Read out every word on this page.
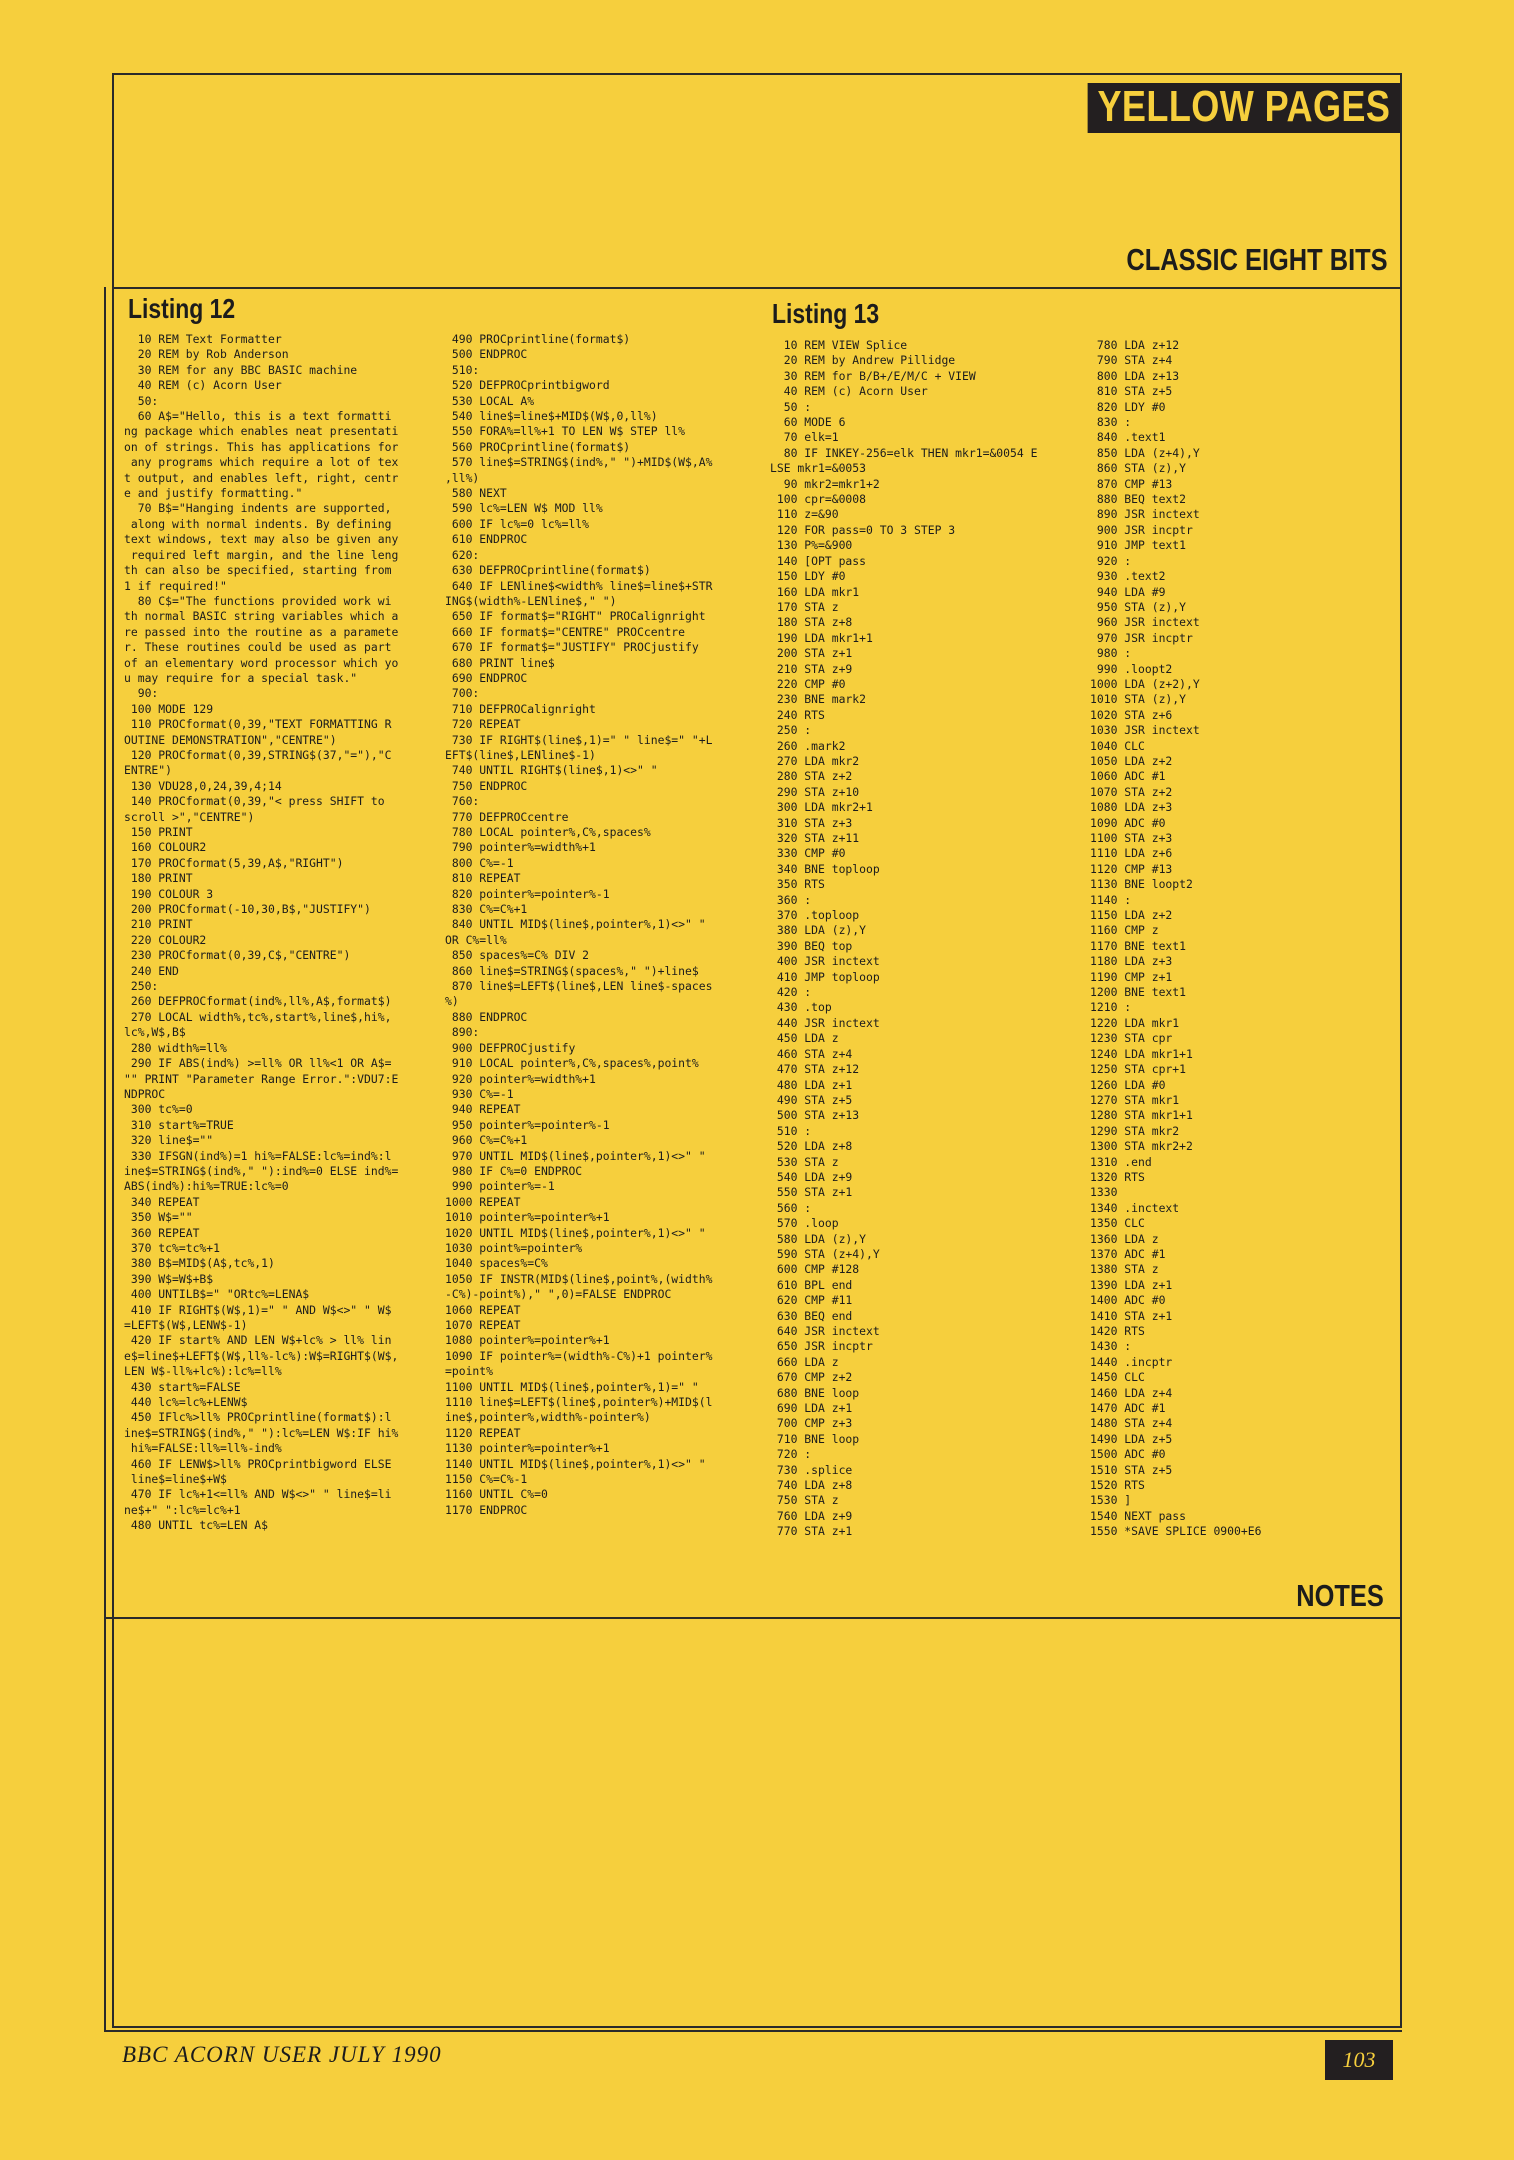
YELLOW PAGES
CLASSIC EIGHT BITS
Listing 12
10 REM Text Formatter
20 REM by Rob Anderson
30 REM for any BBC BASIC machine
40 REM (c) Acorn User
50:
60 A$="Hello, this is a text formatti
ng package which enables neat presentati
on of strings. This has applications for
any programs which require a lot of tex
t output, and enables left, right, centr
e and justify formatting."
70 B$="Hanging indents are supported,
along with normal indents. By defining
text windows, text may also be given any
required left margin, and the line leng
th can also be specified, starting from
1 if required!"
80 C$="The functions provided work wi
th normal BASIC string variables which a
re passed into the routine as a paramete
r. These routines could be used as part
of an elementary word processor which yo
u may require for a special task."
90:
100 MODE 129
110 PROCformat(0,39,"TEXT FORMATTING R
OUTINE DEMONSTRATION","CENTRE")
120 PROCformat(0,39,STRING$(37,"="),"C
ENTRE")
130 VDU28,0,24,39,4;14
140 PROCformat(0,39,"< press SHIFT to
scroll >","CENTRE")
150 PRINT
160 COLOUR2
170 PROCformat(5,39,A$,"RIGHT")
180 PRINT
190 COLOUR 3
200 PROCformat(-10,30,B$,"JUSTIFY")
210 PRINT
220 COLOUR2
230 PROCformat(0,39,C$,"CENTRE")
240 END
250:
260 DEFPROCformat(ind%,ll%,A$,format$)
270 LOCAL width%,tc%,start%,line$,hi%,
lc%,W$,B$
280 width%=ll%
290 IF ABS(ind%) >=ll% OR ll%<1 OR A$=
"" PRINT "Parameter Range Error.":VDU7:E
NDPROC
300 tc%=0
310 start%=TRUE
320 line$=""
330 IFSGN(ind%)=1 hi%=FALSE:lc%=ind%:l
ine$=STRING$(ind%," "):ind%=0 ELSE ind%=
ABS(ind%):hi%=TRUE:lc%=0
340 REPEAT
350 W$=""
360 REPEAT
370 tc%=tc%+1
380 B$=MID$(A$,tc%,1)
390 W$=W$+B$
400 UNTILB$=" "ORtc%=LENA$
410 IF RIGHT$(W$,1)=" " AND W$<>" " W$
=LEFT$(W$,LENW$-1)
420 IF start% AND LEN W$+lc% > ll% lin
e$=line$+LEFT$(W$,ll%-lc%):W$=RIGHT$(W$,
LEN W$-ll%+lc%):lc%=ll%
430 start%=FALSE
440 lc%=lc%+LENW$
450 IFlc%>ll% PROCprintline(format$):l
ine$=STRING$(ind%," "):lc%=LEN W$:IF hi%
hi%=FALSE:ll%=ll%-ind%
460 IF LENW$>ll% PROCprintbigword ELSE
line$=line$+W$
470 IF lc%+1<=ll% AND W$<>" " line$=li
ne$+" ":lc%=lc%+1
480 UNTIL tc%=LEN A$
490 PROCprintline(format$)
500 ENDPROC
510:
520 DEFPROCprintbigword
530 LOCAL A%
540 line$=line$+MID$(W$,0,ll%)
550 FORA%=ll%+1 TO LEN W$ STEP ll%
560 PROCprintline(format$)
570 line$=STRING$(ind%," ")+MID$(W$,A%
,ll%)
580 NEXT
590 lc%=LEN W$ MOD ll%
600 IF lc%=0 lc%=ll%
610 ENDPROC
620:
630 DEFPROCprintline(format$)
640 IF LENline$<width% line$=line$+STR
ING$(width%-LENline$," ")
650 IF format$="RIGHT" PROCalignright
660 IF format$="CENTRE" PROCcentre
670 IF format$="JUSTIFY" PROCjustify
680 PRINT line$
690 ENDPROC
700:
710 DEFPROCalignright
720 REPEAT
730 IF RIGHT$(line$,1)=" " line$=" "+L
EFT$(line$,LENline$-1)
740 UNTIL RIGHT$(line$,1)<>" "
750 ENDPROC
760:
770 DEFPROCcentre
780 LOCAL pointer%,C%,spaces%
790 pointer%=width%+1
800 C%=-1
810 REPEAT
820 pointer%=pointer%-1
830 C%=C%+1
840 UNTIL MID$(line$,pointer%,1)<>" "
OR C%=ll%
850 spaces%=C% DIV 2
860 line$=STRING$(spaces%," ")+line$
870 line$=LEFT$(line$,LEN line$-spaces
%)
880 ENDPROC
890:
900 DEFPROCjustify
910 LOCAL pointer%,C%,spaces%,point%
920 pointer%=width%+1
930 C%=-1
940 REPEAT
950 pointer%=pointer%-1
960 C%=C%+1
970 UNTIL MID$(line$,pointer%,1)<>" "
980 IF C%=0 ENDPROC
990 pointer%=-1
1000 REPEAT
1010 pointer%=pointer%+1
1020 UNTIL MID$(line$,pointer%,1)<>" "
1030 point%=pointer%
1040 spaces%=C%
1050 IF INSTR(MID$(line$,point%,(width%
-C%)-point%)," ",0)=FALSE ENDPROC
1060 REPEAT
1070 REPEAT
1080 pointer%=pointer%+1
1090 IF pointer%=(width%-C%)+1 pointer%
=point%
1100 UNTIL MID$(line$,pointer%,1)=" "
1110 line$=LEFT$(line$,pointer%)+MID$(l
ine$,pointer%,width%-pointer%)
1120 REPEAT
1130 pointer%=pointer%+1
1140 UNTIL MID$(line$,pointer%,1)<>" "
1150 C%=C%-1
1160 UNTIL C%=0
1170 ENDPROC
Listing 13
10 REM VIEW Splice
20 REM by Andrew Pillidge
30 REM for B/B+/E/M/C + VIEW
40 REM (c) Acorn User
50 :
60 MODE 6
70 elk=1
80 IF INKEY-256=elk THEN mkr1=&0054 E
LSE mkr1=&0053
90 mkr2=mkr1+2
100 cpr=&0008
110 z=&90
120 FOR pass=0 TO 3 STEP 3
130 P%=&900
140 [OPT pass
150 LDY #0
160 LDA mkr1
170 STA z
180 STA z+8
190 LDA mkr1+1
200 STA z+1
210 STA z+9
220 CMP #0
230 BNE mark2
240 RTS
250 :
260 .mark2
270 LDA mkr2
280 STA z+2
290 STA z+10
300 LDA mkr2+1
310 STA z+3
320 STA z+11
330 CMP #0
340 BNE toploop
350 RTS
360 :
370 .toploop
380 LDA (z),Y
390 BEQ top
400 JSR inctext
410 JMP toploop
420 :
430 .top
440 JSR inctext
450 LDA z
460 STA z+4
470 STA z+12
480 LDA z+1
490 STA z+5
500 STA z+13
510 :
520 LDA z+8
530 STA z
540 LDA z+9
550 STA z+1
560 :
570 .loop
580 LDA (z),Y
590 STA (z+4),Y
600 CMP #128
610 BPL end
620 CMP #11
630 BEQ end
640 JSR inctext
650 JSR incptr
660 LDA z
670 CMP z+2
680 BNE loop
690 LDA z+1
700 CMP z+3
710 BNE loop
720 :
730 .splice
740 LDA z+8
750 STA z
760 LDA z+9
770 STA z+1
780 LDA z+12
790 STA z+4
800 LDA z+13
810 STA z+5
820 LDY #0
830 :
840 .text1
850 LDA (z+4),Y
860 STA (z),Y
870 CMP #13
880 BEQ text2
890 JSR inctext
900 JSR incptr
910 JMP text1
920 :
930 .text2
940 LDA #9
950 STA (z),Y
960 JSR inctext
970 JSR incptr
980 :
990 .loopt2
1000 LDA (z+2),Y
1010 STA (z),Y
1020 STA z+6
1030 JSR inctext
1040 CLC
1050 LDA z+2
1060 ADC #1
1070 STA z+2
1080 LDA z+3
1090 ADC #0
1100 STA z+3
1110 LDA z+6
1120 CMP #13
1130 BNE loopt2
1140 :
1150 LDA z+2
1160 CMP z
1170 BNE text1
1180 LDA z+3
1190 CMP z+1
1200 BNE text1
1210 :
1220 LDA mkr1
1230 STA cpr
1240 LDA mkr1+1
1250 STA cpr+1
1260 LDA #0
1270 STA mkr1
1280 STA mkr1+1
1290 STA mkr2
1300 STA mkr2+2
1310 .end
1320 RTS
1330
1340 .inctext
1350 CLC
1360 LDA z
1370 ADC #1
1380 STA z
1390 LDA z+1
1400 ADC #0
1410 STA z+1
1420 RTS
1430 :
1440 .incptr
1450 CLC
1460 LDA z+4
1470 ADC #1
1480 STA z+4
1490 LDA z+5
1500 ADC #0
1510 STA z+5
1520 RTS
1530 ]
1540 NEXT pass
1550 *SAVE SPLICE 0900+E6
NOTES
BBC ACORN USER JULY 1990	103
